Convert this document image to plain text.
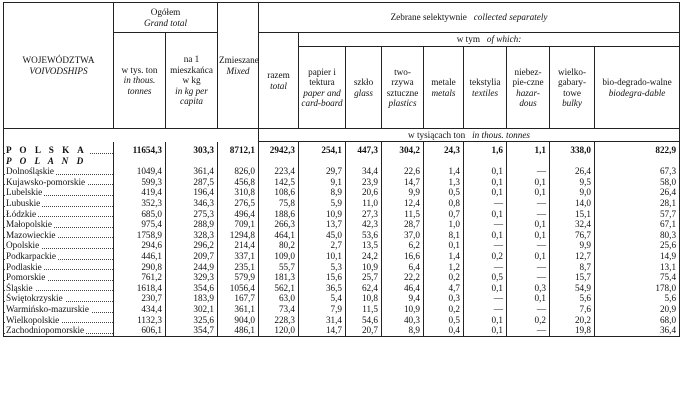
WOJEWÓDZTWA
VOIVODSHIPS	Ogółem
Grand total		Zmieszane
Mixed	Zebrane selektywnie collected separately								
	w tys. ton
in thous. tonnes	na 1 mieszkańca w kg
in kg per capita		razem
total	w tym of which:							
					papier i tektura
paper and card-board	szkło
glass	two-rzywa sztuczne
plastics	metale
metals	tekstylia
textiles	niebez-pie-czne
hazar-dous	wielko-gabary-towe
bulky	bio-degrado-walne
biodegra-dable
				w tysiącach ton in thous. tonnes								

P O L S K A	11654,3	303,3	8712,1	2942,3	254,1	447,3	304,2	24,3	1,6	1,1	338,0	822,9
P O L A N D												

Dolnośląskie	1049,4	361,4	826,0	223,4	29,7	34,4	22,6	1,4	0,1	—	26,4	67,3

Kujawsko-pomorskie	599,3	287,5	456,8	142,5	9,1	23,9	14,7	1,3	0,1	0,1	9,5	58,0

Lubelskie	419,4	196,4	310,8	108,6	8,9	20,6	9,9	0,5	0,1	0,1	9,0	26,4

Lubuskie	352,3	346,3	276,5	75,8	5,9	11,0	12,4	0,8	—	—	14,0	28,1

Łódzkie	685,0	275,3	496,4	188,6	10,9	27,3	11,5	0,7	0,1	—	15,1	57,7

Małopolskie	975,4	288,9	709,1	266,3	13,7	42,3	28,7	1,0	—	0,1	32,4	67,1

Mazowieckie	1758,9	328,3	1294,8	464,1	45,0	53,6	37,0	8,1	0,1	0,1	76,7	80,3

Opolskie	294,6	296,2	214,4	80,2	2,7	13,5	6,2	0,1	—	—	9,9	25,6

Podkarpackie	446,1	209,7	337,1	109,0	10,1	24,2	16,6	1,4	0,2	0,1	12,7	14,9

Podlaskie	290,8	244,9	235,1	55,7	5,3	10,9	6,4	1,2	—	—	8,7	13,1

Pomorskie	761,2	329,3	579,9	181,3	15,6	25,7	22,2	0,2	0,5	—	15,7	75,4

Śląskie	1618,4	354,6	1056,4	562,1	36,5	62,4	46,4	4,7	0,1	0,3	54,9	178,0

Świętokrzyskie	230,7	183,9	167,7	63,0	5,4	10,8	9,4	0,3	—	0,1	5,6	5,6

Warmińsko-mazurskie	434,4	302,1	361,1	73,4	7,9	11,5	10,9	0,2	—	—	7,6	20,9

Wielkopolskie	1132,3	325,6	904,0	228,3	31,4	54,6	40,3	0,5	0,1	0,2	20,2	68,0

Zachodniopomorskie	606,1	354,7	486,1	120,0	14,7	20,7	8,9	0,4	0,1	—	19,8	36,4
